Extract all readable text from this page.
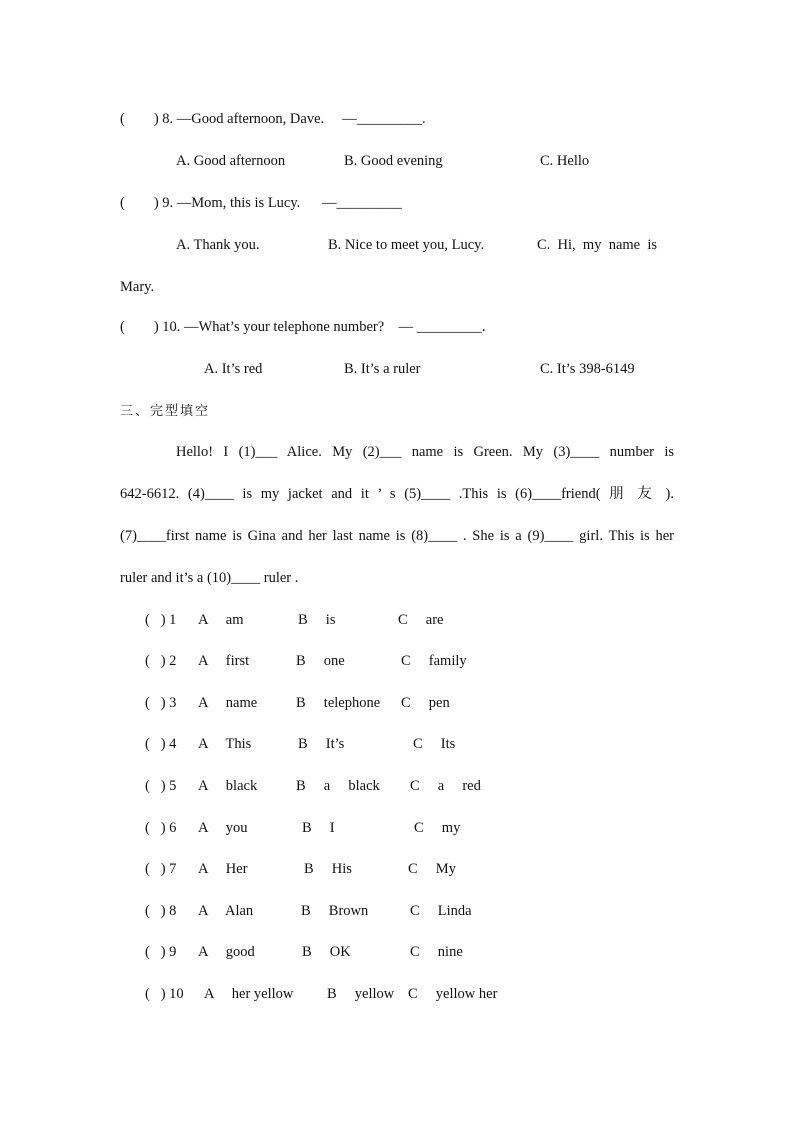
(        ) 8. —Good afternoon, Dave.     —_________.
A. Good afternoon	B. Good evening	C. Hello
(        ) 9. —Mom, this is Lucy.      —_________
A. Thank you.	B. Nice to meet you, Lucy.	C.  Hi,  my  name  is
Mary.
(        ) 10. —What’s your telephone number?    — _________.
A. It’s red	B. It’s a ruler	C. It’s 398-6149
三、完型填空
Hello! I (1)___ Alice. My (2)___ name is Green. My (3)____ number is
642-6612. (4)____ is my jacket and it ’ s (5)____ .This is (6)____friend( 朋 友 ).
(7)____first name is Gina and her last name is (8)____ . She is a (9)____ girl. This is her
ruler and it’s a (10)____ ruler .
(   ) 1 A     am	B     is	C     are
(   ) 2 A     first	B     one	C     family
(   ) 3 A     name	B     telephone C     pen
(   ) 4 A     This	B     It’s	C     Its
(   ) 5 A     black	B     a     black C     a     red
(   ) 6 A     you	B     I	C     my
(   ) 7 A     Her	B     His	C     My
(   ) 8 A     Alan	B     Brown	C     Linda
(   ) 9 A     good	B     OK	C     nine
(   ) 10 A     her yellow B     yellow C     yellow her
